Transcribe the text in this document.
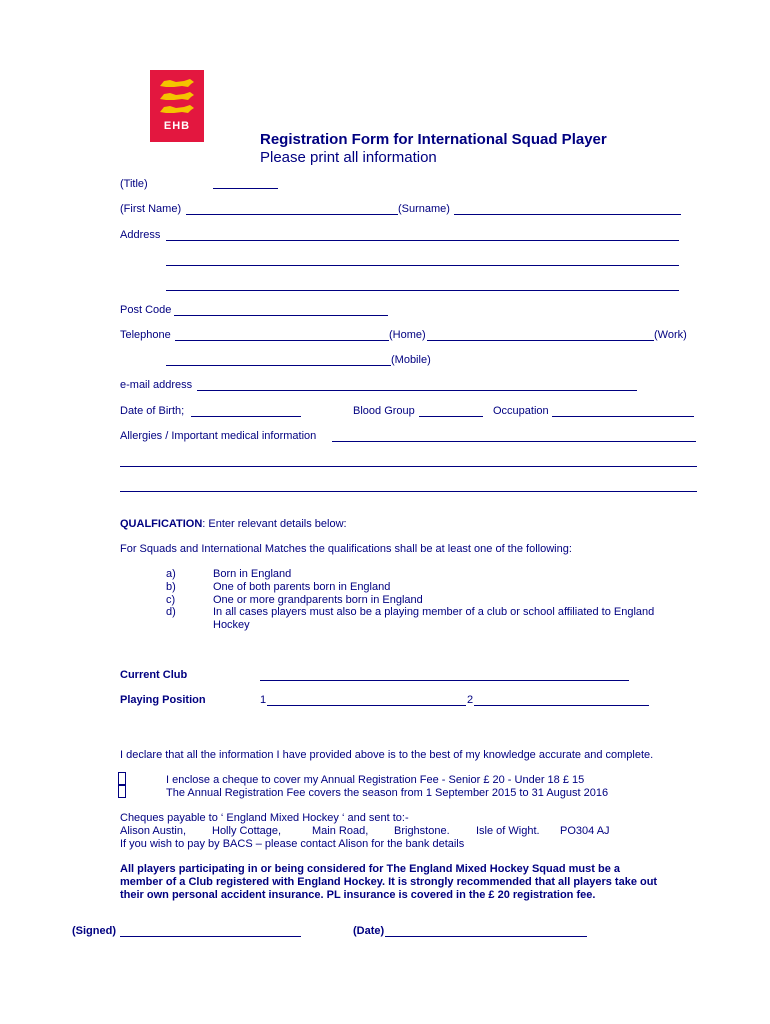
EHB
Registration Form for International Squad Player
Please print all information
(Title)
(First Name)	(Surname)
Address
Post Code
Telephone	(Home)	(Work)
(Mobile)
e-mail address
Date of Birth;	Blood Group	Occupation
Allergies / Important medical information
QUALFICATION: Enter relevant details below:
For Squads and International Matches the qualifications shall be at least one of the following:
a)	Born in England
b)	One of both parents born in England
c)	One or more grandparents born in England
d)	In all cases players must also be a playing member of a club or school affiliated to England
Hockey
Current Club
Playing Position	1	2
I declare that all the information I have provided above is to the best of my knowledge accurate and complete.
I enclose a cheque to cover my Annual Registration Fee - Senior £ 20 - Under 18 £ 15
The Annual Registration Fee covers the season from 1 September 2015 to 31 August 2016
Cheques payable to ‘ England Mixed Hockey ‘ and sent to:-
Alison Austin, Holly Cottage,	Main Road, Brighstone. Isle of Wight. PO304 AJ
If you wish to pay by BACS – please contact Alison for the bank details
All players participating in or being considered for The England Mixed Hockey Squad must be a
member of a Club registered with England Hockey. It is strongly recommended that all players take out
their own personal accident insurance. PL insurance is covered in the £ 20 registration fee.
(Signed)	(Date)
